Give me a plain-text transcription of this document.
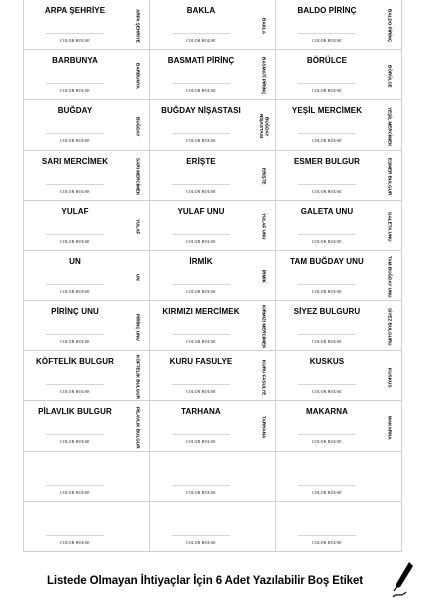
ARPA ŞEHRİYE
COLOR HOUSE	ARPA ŞEHRİYE	BAKLA
COLOR HOUSE
BAKLA
BALDO PİRİNÇ
COLOR HOUSE	BALDO PİRİNÇ
BARBUNYA
COLOR HOUSE
BARBUNYA
BASMATİ PİRİNÇ
COLOR HOUSE	BASMATİ PİRİNÇ	BÖRÜLCE
COLOR HOUSE
BÖRÜLCE
BUĞDAY
COLOR HOUSE
BUĞDAY
BUĞDAY NİŞASTASI
COLOR HOUSE
BUĞDAY NİŞASTASI
YEŞİL MERCİMEK
COLOR HOUSE	YEŞİL MERCİMEK
SARI MERCİMEK
COLOR HOUSE	SARI MERCİMEK	ERİŞTE
COLOR HOUSE
ERİŞTE
ESMER BULGUR
COLOR HOUSE	ESMER BULGUR
YULAF
COLOR HOUSE
YULAF
YULAF UNU
COLOR HOUSE
YULAF UNU
GALETA UNU
COLOR HOUSE
GALETA UNU
UN
COLOR HOUSE
UN
İRMİK
COLOR HOUSE
İRMİK
TAM BUĞDAY UNU
COLOR HOUSE	TAM BUĞDAY UNU
PİRİNÇ UNU
COLOR HOUSE
PİRİNÇ UNU
KIRMIZI MERCİMEK
COLOR HOUSE	KIRMIZI MERCİMEK	SİYEZ BULGURU
COLOR HOUSE	SİYEZ BULGURU
KÖFTELİK BULGUR
COLOR HOUSE	KÖFTELİK BULGUR	KURU FASULYE
COLOR HOUSE	KURU FASULYE	KUSKUS
COLOR HOUSE
KUSKUS
PİLAVLIK BULGUR
COLOR HOUSE	PİLAVLIK BULGUR	TARHANA
COLOR HOUSE
TARHANA
MAKARNA
COLOR HOUSE
MAKARNA
COLOR HOUSE	COLOR HOUSE	COLOR HOUSE
COLOR HOUSE	COLOR HOUSE	COLOR HOUSE
Listede Olmayan İhtiyaçlar İçin 6 Adet Yazılabilir Boş Etiket
